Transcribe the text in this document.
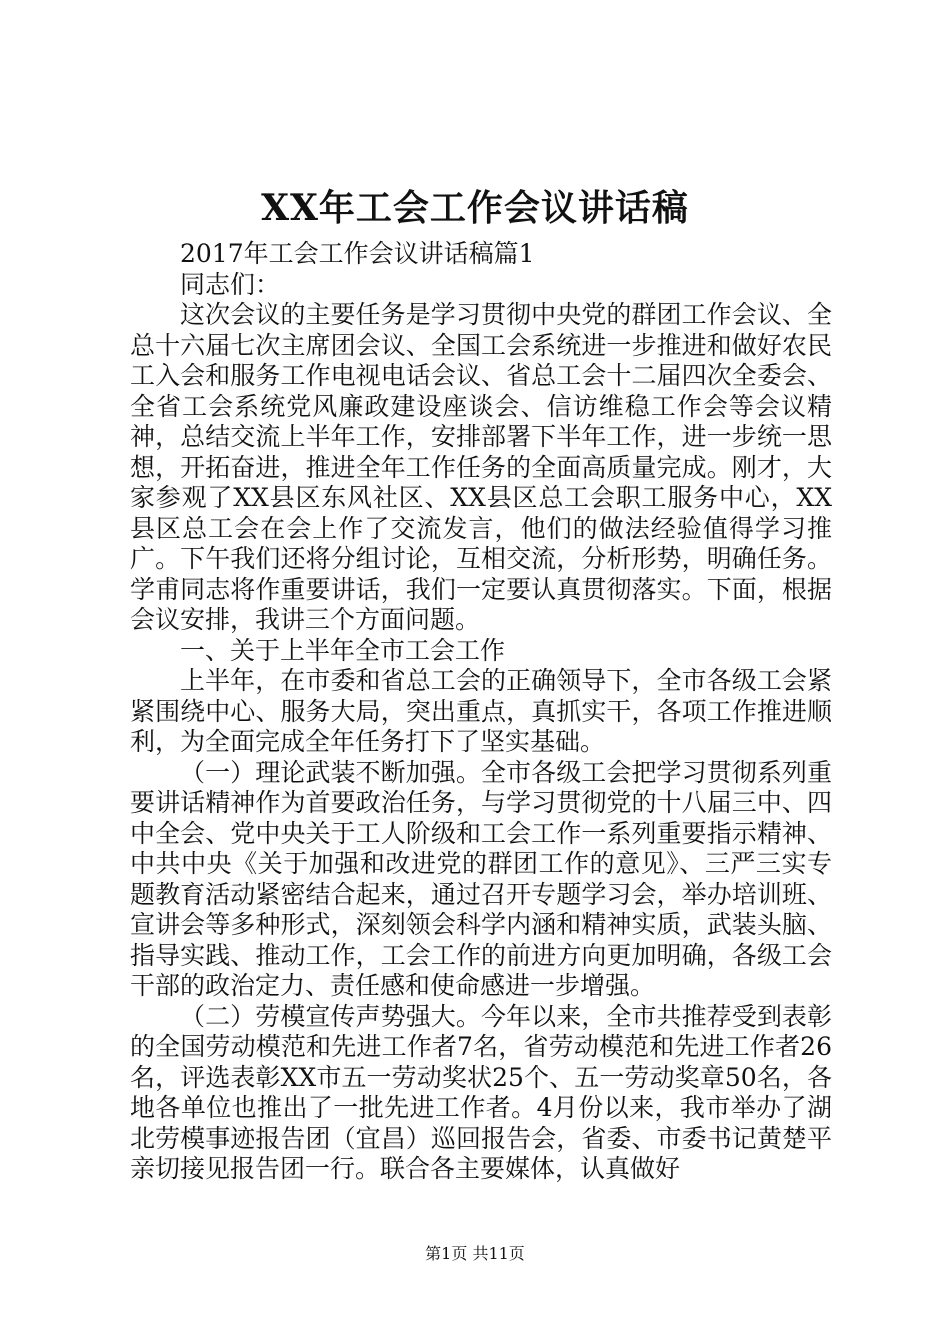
XX年工会工作会议讲话稿

2017年工会工作会议讲话稿篇1

同志们：

这次会议的主要任务是学习贯彻中央党的群团工作会议、全总十六届七次主席团会议、全国工会系统进一步推进和做好农民工入会和服务工作电视电话会议、省总工会十二届四次全委会、全省工会系统党风廉政建设座谈会、信访维稳工作会等会议精神，总结交流上半年工作，安排部署下半年工作，进一步统一思想，开拓奋进，推进全年工作任务的全面高质量完成。刚才，大家参观了XX县区东风社区、XX县区总工会职工服务中心，XX县区总工会在会上作了交流发言，他们的做法经验值得学习推广。下午我们还将分组讨论，互相交流，分析形势，明确任务。学甫同志将作重要讲话，我们一定要认真贯彻落实。下面，根据会议安排，我讲三个方面问题。

一、关于上半年全市工会工作

上半年，在市委和省总工会的正确领导下，全市各级工会紧紧围绕中心、服务大局，突出重点，真抓实干，各项工作推进顺利，为全面完成全年任务打下了坚实基础。

（一）理论武装不断加强。全市各级工会把学习贯彻系列重要讲话精神作为首要政治任务，与学习贯彻党的十八届三中、四中全会、党中央关于工人阶级和工会工作一系列重要指示精神、中共中央《关于加强和改进党的群团工作的意见》、三严三实专题教育活动紧密结合起来，通过召开专题学习会，举办培训班、宣讲会等多种形式，深刻领会科学内涵和精神实质，武装头脑、指导实践、推动工作，工会工作的前进方向更加明确，各级工会干部的政治定力、责任感和使命感进一步增强。

（二）劳模宣传声势强大。今年以来，全市共推荐受到表彰的全国劳动模范和先进工作者7名，省劳动模范和先进工作者26名，评选表彰XX市五一劳动奖状25个、五一劳动奖章50名，各地各单位也推出了一批先进工作者。4月份以来，我市举办了湖北劳模事迹报告团（宜昌）巡回报告会，省委、市委书记黄楚平亲切接见报告团一行。联合各主要媒体，认真做好

第1页 共11页
